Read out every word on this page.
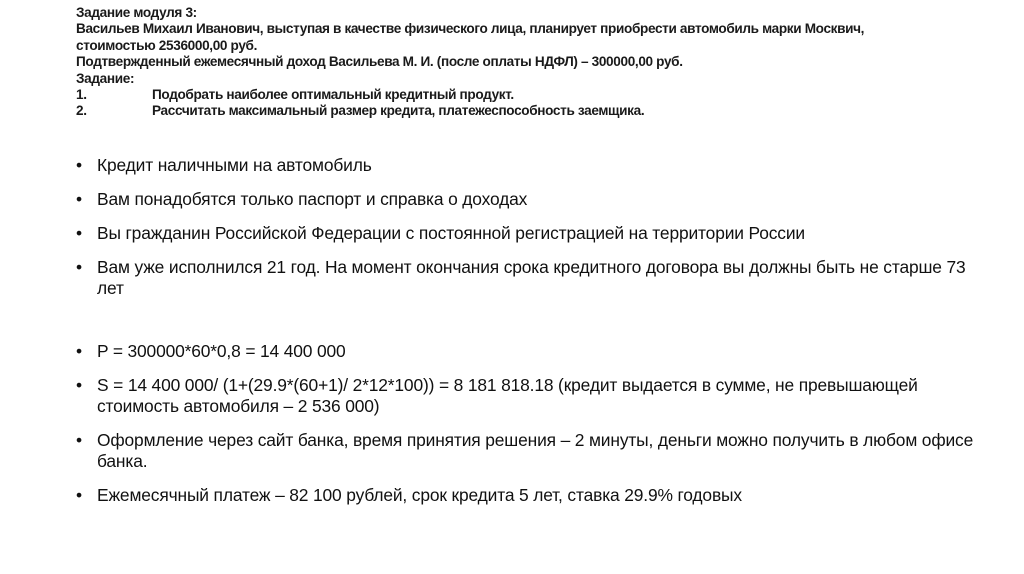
Задание модуля 3:
Васильев Михаил Иванович, выступая в качестве физического лица, планирует приобрести автомобиль марки Москвич,
стоимостью 2536000,00 руб.
Подтвержденный ежемесячный доход Васильева М. И. (после оплаты НДФЛ) – 300000,00 руб.
Задание:
1.	Подобрать наиболее оптимальный кредитный продукт.
2.	Рассчитать максимальный размер кредита, платежеспособность заемщика.
• Кредит наличными на автомобиль
• Вам понадобятся только паспорт и справка о доходах
• Вы гражданин Российской Федерации с постоянной регистрацией на территории России
• Вам уже исполнился 21 год. На момент окончания срока кредитного договора вы должны быть не старше 73 лет
• P = 300000*60*0,8 = 14 400 000
• S = 14 400 000/ (1+(29.9*(60+1)/ 2*12*100)) = 8 181 818.18 (кредит выдается в сумме, не превышающей стоимость автомобиля – 2 536 000)
• Оформление через сайт банка, время принятия решения – 2 минуты, деньги можно получить в любом офисе банка.
• Ежемесячный платеж – 82 100 рублей, срок кредита 5 лет, ставка 29.9% годовых
